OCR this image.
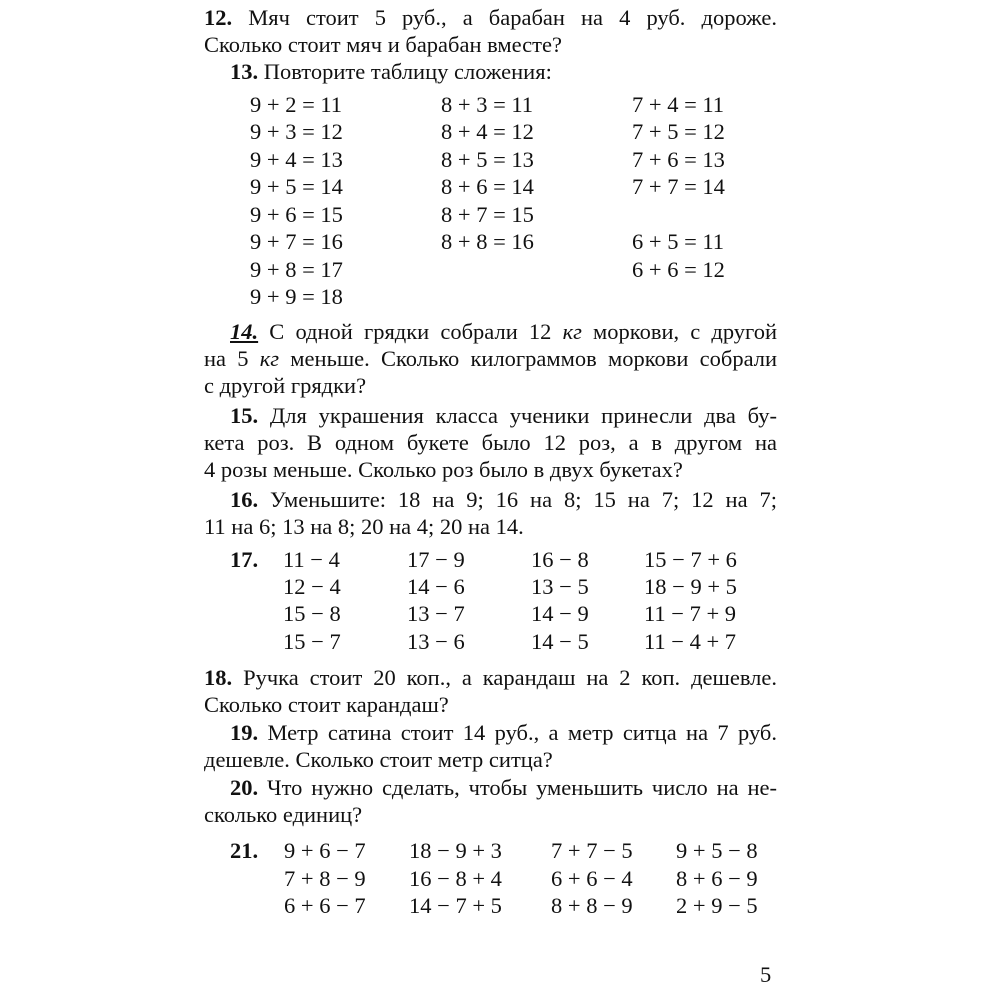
12. Мяч стоит 5 руб., а барабан на 4 руб. дороже.
Сколько стоит мяч и барабан вместе?
13. Повторите таблицу сложения:
9 + 2 = 11
9 + 3 = 12
9 + 4 = 13
9 + 5 = 14
9 + 6 = 15
9 + 7 = 16
9 + 8 = 17
9 + 9 = 18
8 + 3 = 11
8 + 4 = 12
8 + 5 = 13
8 + 6 = 14
8 + 7 = 15
8 + 8 = 16
7 + 4 = 11
7 + 5 = 12
7 + 6 = 13
7 + 7 = 14
6 + 5 = 11
6 + 6 = 12
14. С одной грядки собрали 12 кг моркови, с другой
на 5 кг меньше. Сколько килограммов моркови собрали
с другой грядки?
15. Для украшения класса ученики принесли два бу-
кета роз. В одном букете было 12 роз, а в другом на
4 розы меньше. Сколько роз было в двух букетах?
16. Уменьшите: 18 на 9; 16 на 8; 15 на 7; 12 на 7;
11 на 6; 13 на 8; 20 на 4; 20 на 14.
17. 11 − 4
12 − 4
15 − 8
15 − 7
17 − 9
14 − 6
13 − 7
13 − 6
16 − 8
13 − 5
14 − 9
14 − 5
15 − 7 + 6
18 − 9 + 5
11 − 7 + 9
11 − 4 + 7
18. Ручка стоит 20 коп., а карандаш на 2 коп. дешевле.
Сколько стоит карандаш?
19. Метр сатина стоит 14 руб., а метр ситца на 7 руб.
дешевле. Сколько стоит метр ситца?
20. Что нужно сделать, чтобы уменьшить число на не-
сколько единиц?
21. 9 + 6 − 7
7 + 8 − 9
6 + 6 − 7
18 − 9 + 3
16 − 8 + 4
14 − 7 + 5
7 + 7 − 5
6 + 6 − 4
8 + 8 − 9
9 + 5 − 8
8 + 6 − 9
2 + 9 − 5
5
